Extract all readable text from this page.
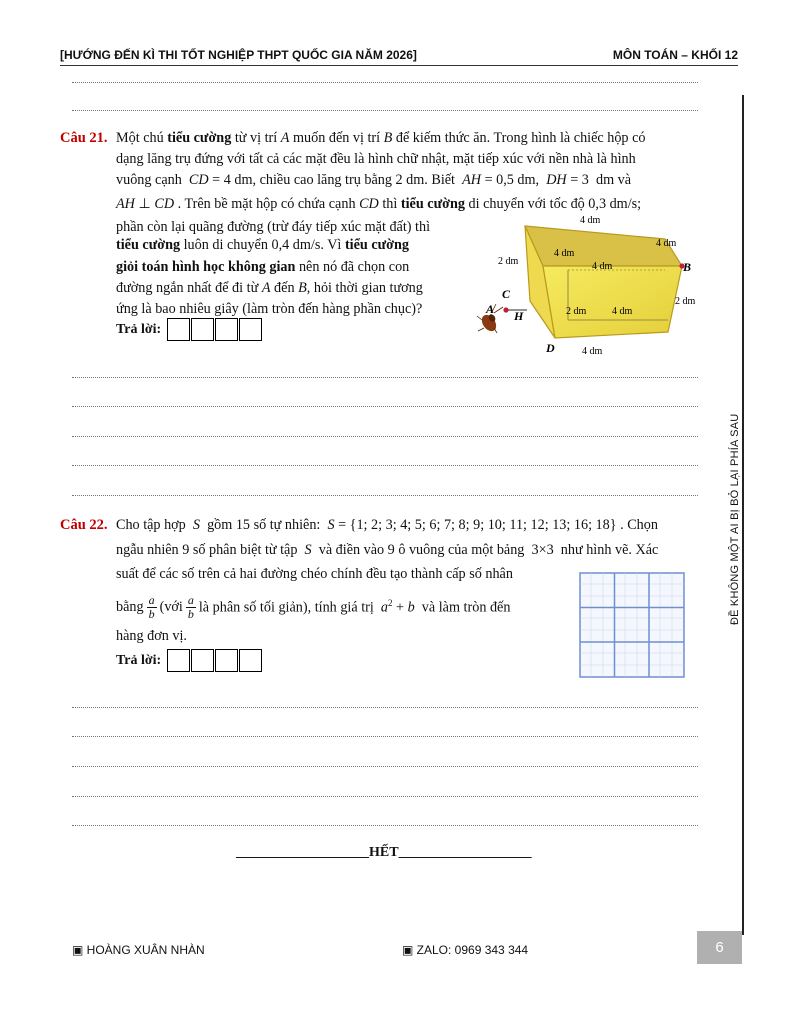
[HƯỚNG ĐẾN KÌ THI TỐT NGHIỆP THPT QUỐC GIA NĂM 2026]	MÔN TOÁN – KHỐI 12
ĐỀ KHÔNG MỘT AI BỊ BỎ LẠI PHÍA SAU
Câu 21. Một chú tiểu cường từ vị trí A muốn đến vị trí B để kiếm thức ăn. Trong hình là chiếc hộp có
dạng lăng trụ đứng với tất cả các mặt đều là hình chữ nhật, mặt tiếp xúc với nền nhà là hình
vuông cạnh  CD = 4 dm, chiều cao lăng trụ bằng 2 dm. Biết  AH = 0,5 dm,  DH = 3  dm và
AH ⊥ CD . Trên bề mặt hộp có chứa cạnh CD thì tiểu cường di chuyển với tốc độ 0,3 dm/s;
phần còn lại quãng đường (trừ đáy tiếp xúc mặt đất) thì
tiểu cường luôn di chuyển 0,4 dm/s. Vì tiểu cường
giỏi toán hình học không gian nên nó đã chọn con
đường ngắn nhất để đi từ A đến B, hỏi thời gian tương
ứng là bao nhiêu giây (làm tròn đến hàng phần chục)?
Trả lời:
4 dm
4 dm
4 dm
4 dm
2 dm
2 dm
2 dm	4 dm
4 dm
A
B
C
D
H
Câu 22. Cho tập hợp  S  gồm 15 số tự nhiên:  S = {1; 2; 3; 4; 5; 6; 7; 8; 9; 10; 11; 12; 13; 16; 18} . Chọn
ngẫu nhiên 9 số phân biệt từ tập  S  và điền vào 9 ô vuông của một bảng  3×3  như hình vẽ. Xác
suất để các số trên cả hai đường chéo chính đều tạo thành cấp số nhân
bằng $\frac{a}{b}$ (với $\frac{a}{b}$ là phân số tối giản), tính giá trị  $a^2 + b$  và làm tròn đến
hàng đơn vị.
Trả lời:
___________________HẾT___________________
▣ HOÀNG XUÂN NHÀN	▣ ZALO: 0969 343 344	6
